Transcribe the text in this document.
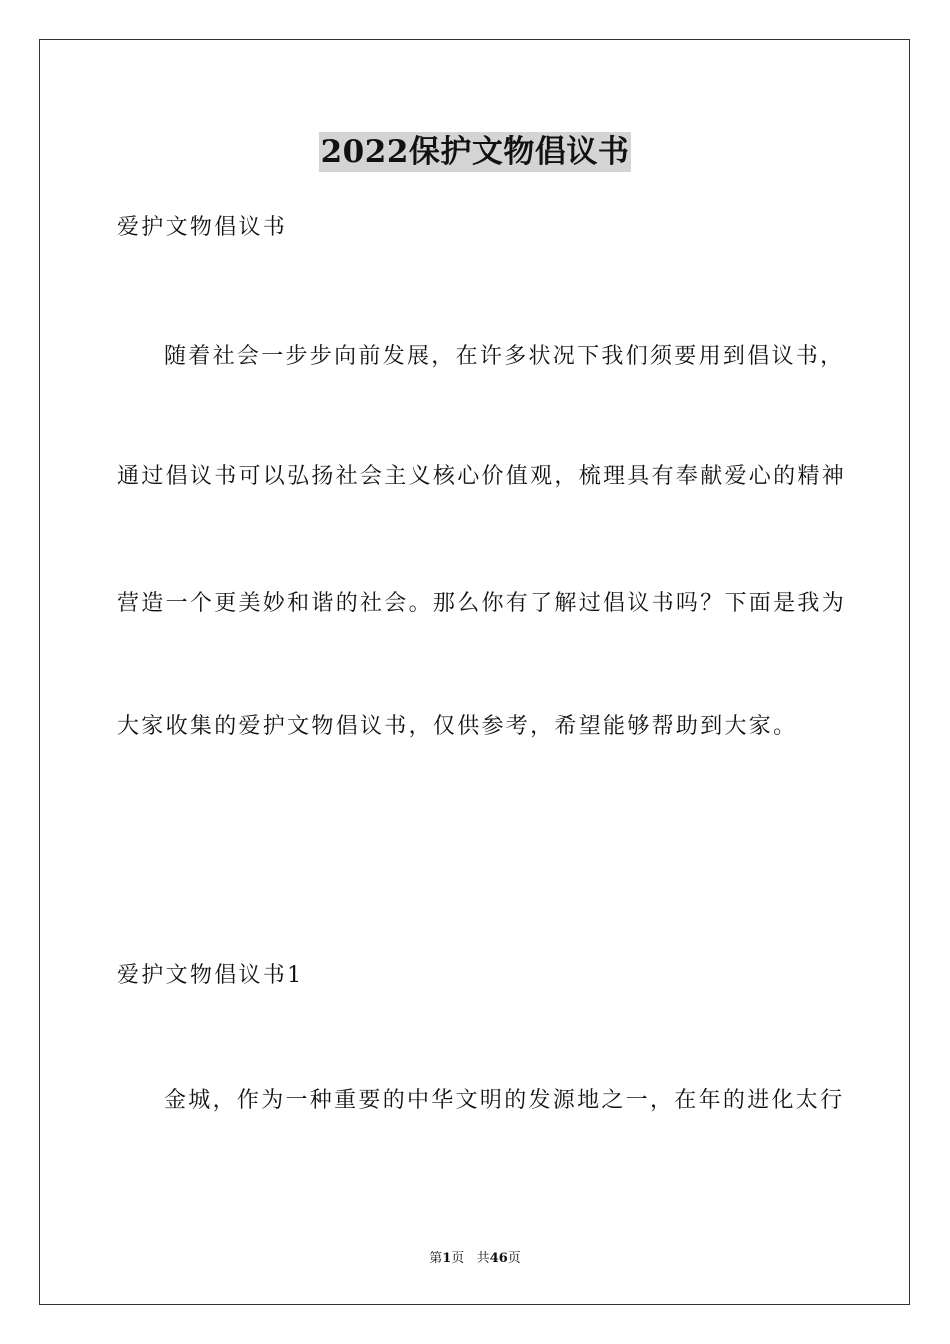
2022保护文物倡议书
爱护文物倡议书
随着社会一步步向前发展，在许多状况下我们须要用到倡议书，
通过倡议书可以弘扬社会主义核心价值观，梳理具有奉献爱心的精神
营造一个更美妙和谐的社会。那么你有了解过倡议书吗？下面是我为
大家收集的爱护文物倡议书，仅供参考，希望能够帮助到大家。
爱护文物倡议书1
金城，作为一种重要的中华文明的发源地之一，在年的进化太行
第1页 共46页
